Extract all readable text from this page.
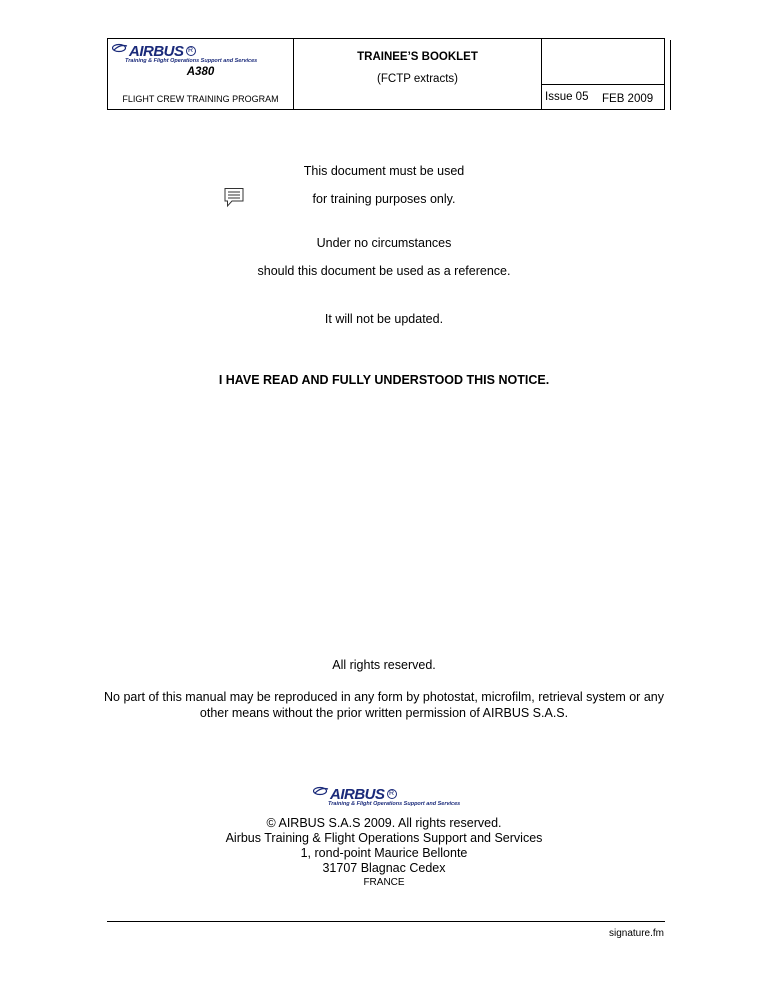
AIRBUS R
Training & Flight Operations Support and Services
A380
FLIGHT CREW TRAINING PROGRAM
TRAINEE’S BOOKLET
(FCTP extracts)
Issue 05 FEB 2009
This document must be used
for training purposes only.
Under no circumstances
should this document be used as a reference.
It will not be updated.
I HAVE READ AND FULLY UNDERSTOOD THIS NOTICE.
All rights reserved.
No part of this manual may be reproduced in any form by photostat, microfilm, retrieval system or any other means without the prior written permission of AIRBUS S.A.S.
AIRBUS R
Training & Flight Operations Support and Services
© AIRBUS S.A.S 2009. All rights reserved.
Airbus Training & Flight Operations Support and Services
1, rond-point Maurice Bellonte
31707 Blagnac Cedex
FRANCE
signature.fm
